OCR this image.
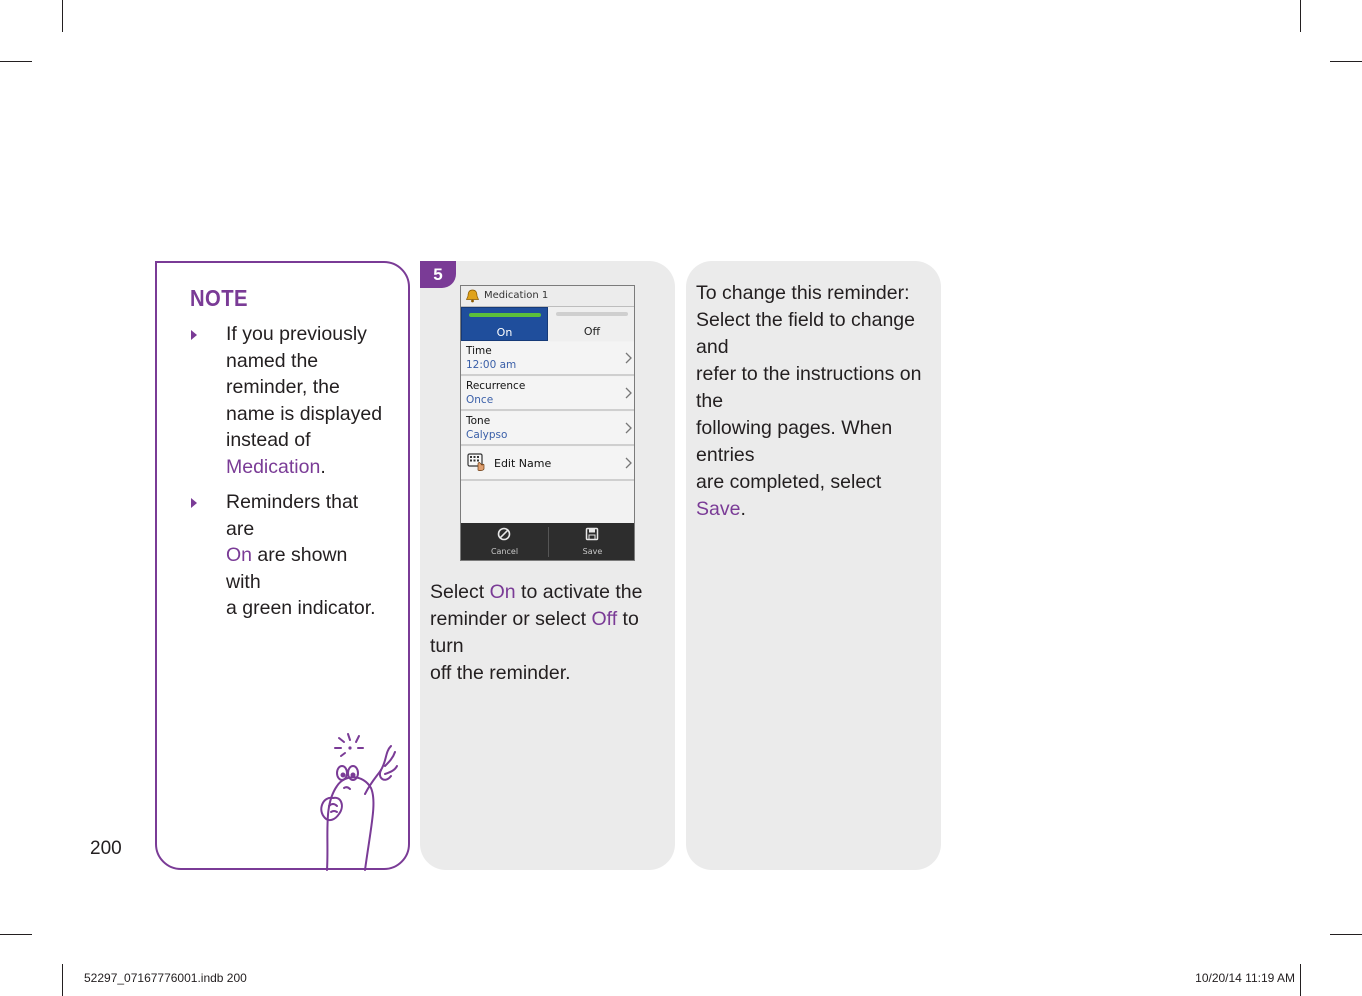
NOTE
If you previously
named the
reminder, the
name is displayed
instead of
Medication.
Reminders that are
On are shown with
a green indicator.
200
5
Medication 1
On	Off
Time
12:00 am
Recurrence
Once
Tone
Calypso
Edit Name
Cancel	Save
Select On to activate the
reminder or select Off to turn
off the reminder.
To change this reminder:
Select the field to change and
refer to the instructions on the
following pages. When entries
are completed, select Save.
52297_07167776001.indb 200	10/20/14 11:19 AM
